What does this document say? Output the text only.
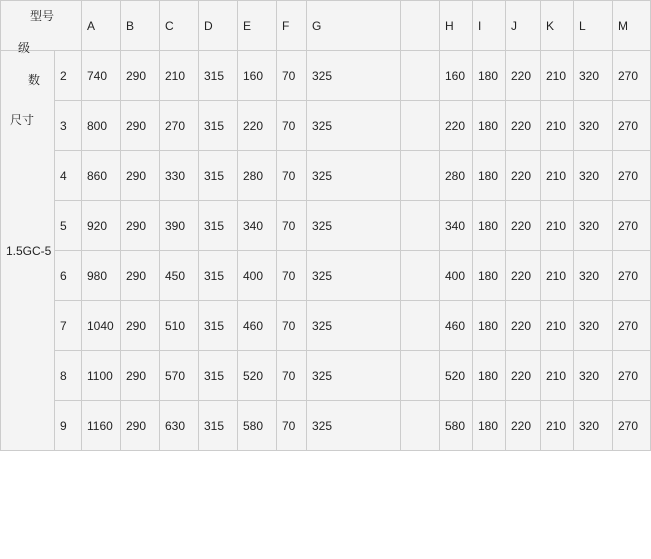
型号
级
数
尺寸		A	B	C	D	E	F	G		H	I	J	K	L	M	
1.5GC-5	2	740	290	210	315	160	70	325		160	180	220	210	320	270	
	3	800	290	270	315	220	70	325		220	180	220	210	320	270	
	4	860	290	330	315	280	70	325		280	180	220	210	320	270	
	5	920	290	390	315	340	70	325		340	180	220	210	320	270	
	6	980	290	450	315	400	70	325		400	180	220	210	320	270	
	7	1040	290	510	315	460	70	325		460	180	220	210	320	270	
	8	1100	290	570	315	520	70	325		520	180	220	210	320	270	
	9	1160	290	630	315	580	70	325		580	180	220	210	320	270	
